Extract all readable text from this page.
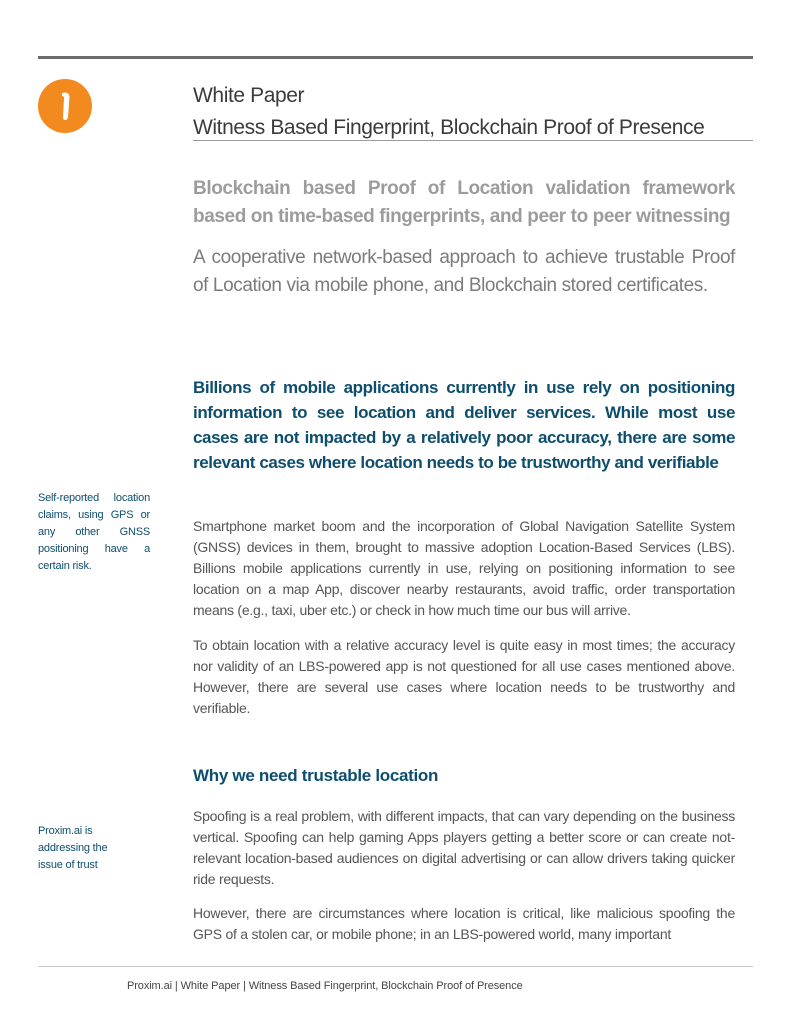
White Paper
Witness Based Fingerprint, Blockchain Proof of Presence
Blockchain based Proof of Location validation framework based on time-based fingerprints, and peer to peer witnessing
A cooperative network-based approach to achieve trustable Proof of Location via mobile phone, and Blockchain stored certificates.
Billions of mobile applications currently in use rely on positioning information to see location and deliver services. While most use cases are not impacted by a relatively poor accuracy, there are some relevant cases where location needs to be trustworthy and verifiable
Self-reported location claims, using GPS or any other GNSS positioning have a certain risk.
Smartphone market boom and the incorporation of Global Navigation Satellite System (GNSS) devices in them, brought to massive adoption Location-Based Services (LBS). Billions mobile applications currently in use, relying on positioning information to see location on a map App, discover nearby restaurants, avoid traffic, order transportation means (e.g., taxi, uber etc.) or check in how much time our bus will arrive.
To obtain location with a relative accuracy level is quite easy in most times; the accuracy nor validity of an LBS-powered app is not questioned for all use cases mentioned above. However, there are several use cases where location needs to be trustworthy and verifiable.
Why we need trustable location
Proxim.ai is addressing the issue of trust
Spoofing is a real problem, with different impacts, that can vary depending on the business vertical. Spoofing can help gaming Apps players getting a better score or can create not-relevant location-based audiences on digital advertising or can allow drivers taking quicker ride requests.
However, there are circumstances where location is critical, like malicious spoofing the GPS of a stolen car, or mobile phone; in an LBS-powered world, many important
Proxim.ai | White Paper | Witness Based Fingerprint, Blockchain Proof of Presence
